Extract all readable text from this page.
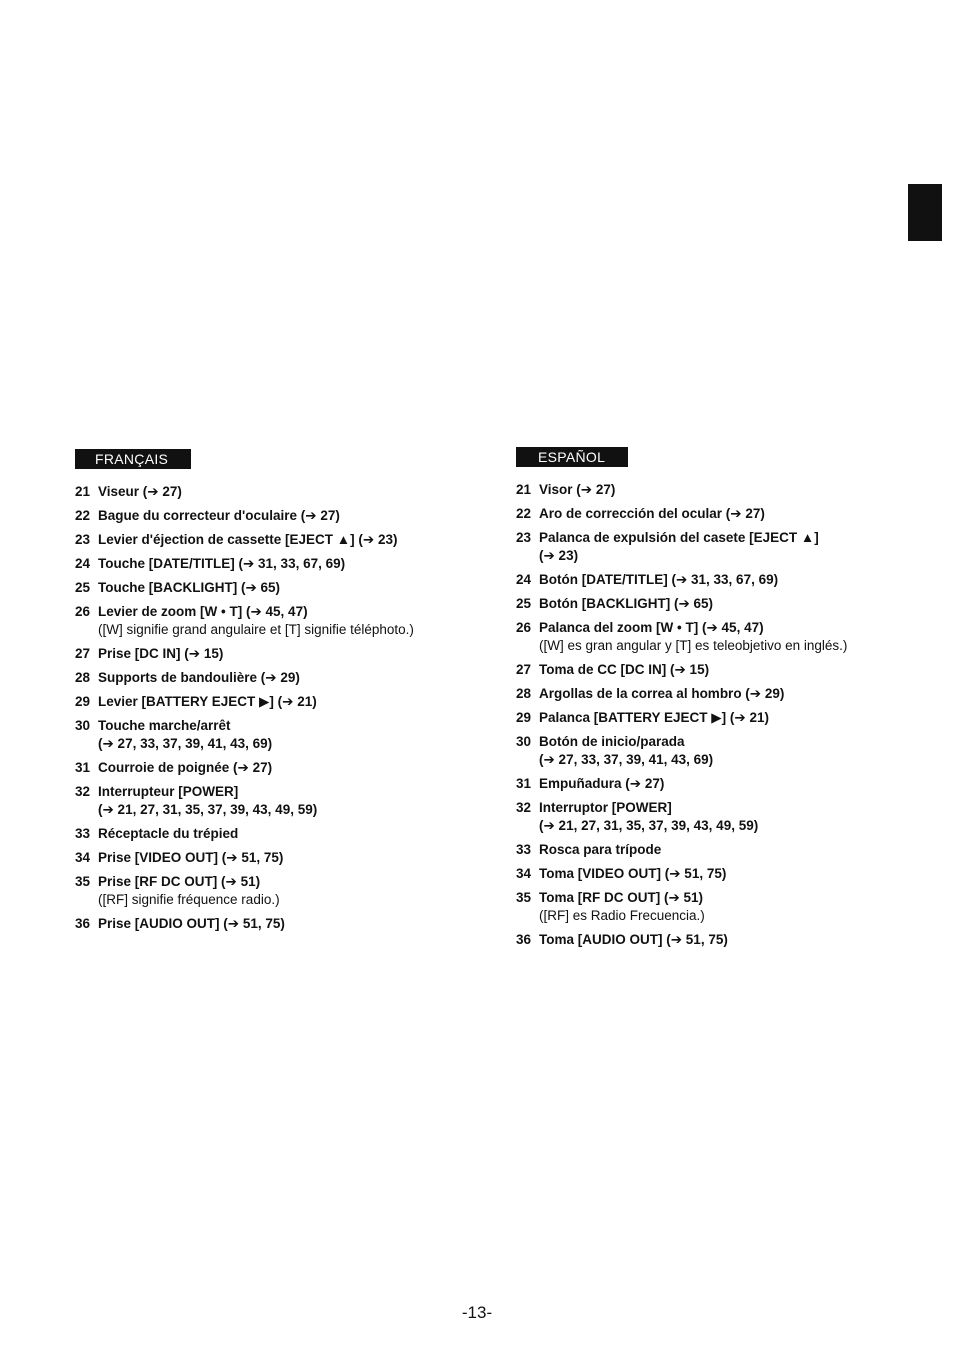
FRANÇAIS
21 Viseur (➔ 27)
22 Bague du correcteur d'oculaire (➔ 27)
23 Levier d'éjection de cassette [EJECT ▲] (➔ 23)
24 Touche [DATE/TITLE] (➔ 31, 33, 67, 69)
25 Touche [BACKLIGHT] (➔ 65)
26 Levier de zoom [W • T] (➔ 45, 47)
([W] signifie grand angulaire et [T] signifie téléphoto.)
27 Prise [DC IN] (➔ 15)
28 Supports de bandoulière (➔ 29)
29 Levier [BATTERY EJECT ▶] (➔ 21)
30 Touche marche/arrêt
(➔ 27, 33, 37, 39, 41, 43, 69)
31 Courroie de poignée (➔ 27)
32 Interrupteur [POWER]
(➔ 21, 27, 31, 35, 37, 39, 43, 49, 59)
33 Réceptacle du trépied
34 Prise [VIDEO OUT] (➔ 51, 75)
35 Prise [RF DC OUT] (➔ 51)
([RF] signifie fréquence radio.)
36 Prise [AUDIO OUT] (➔ 51, 75)
ESPAÑOL
21 Visor (➔ 27)
22 Aro de corrección del ocular (➔ 27)
23 Palanca de expulsión del casete [EJECT ▲]
(➔ 23)
24 Botón [DATE/TITLE] (➔ 31, 33, 67, 69)
25 Botón [BACKLIGHT] (➔ 65)
26 Palanca del zoom [W • T] (➔ 45, 47)
([W] es gran angular y [T] es teleobjetivo en inglés.)
27 Toma de CC [DC IN] (➔ 15)
28 Argollas de la correa al hombro (➔ 29)
29 Palanca [BATTERY EJECT ▶] (➔ 21)
30 Botón de inicio/parada
(➔ 27, 33, 37, 39, 41, 43, 69)
31 Empuñadura (➔ 27)
32 Interruptor [POWER]
(➔ 21, 27, 31, 35, 37, 39, 43, 49, 59)
33 Rosca para trípode
34 Toma [VIDEO OUT] (➔ 51, 75)
35 Toma [RF DC OUT] (➔ 51)
([RF] es Radio Frecuencia.)
36 Toma [AUDIO OUT] (➔ 51, 75)
-13-
